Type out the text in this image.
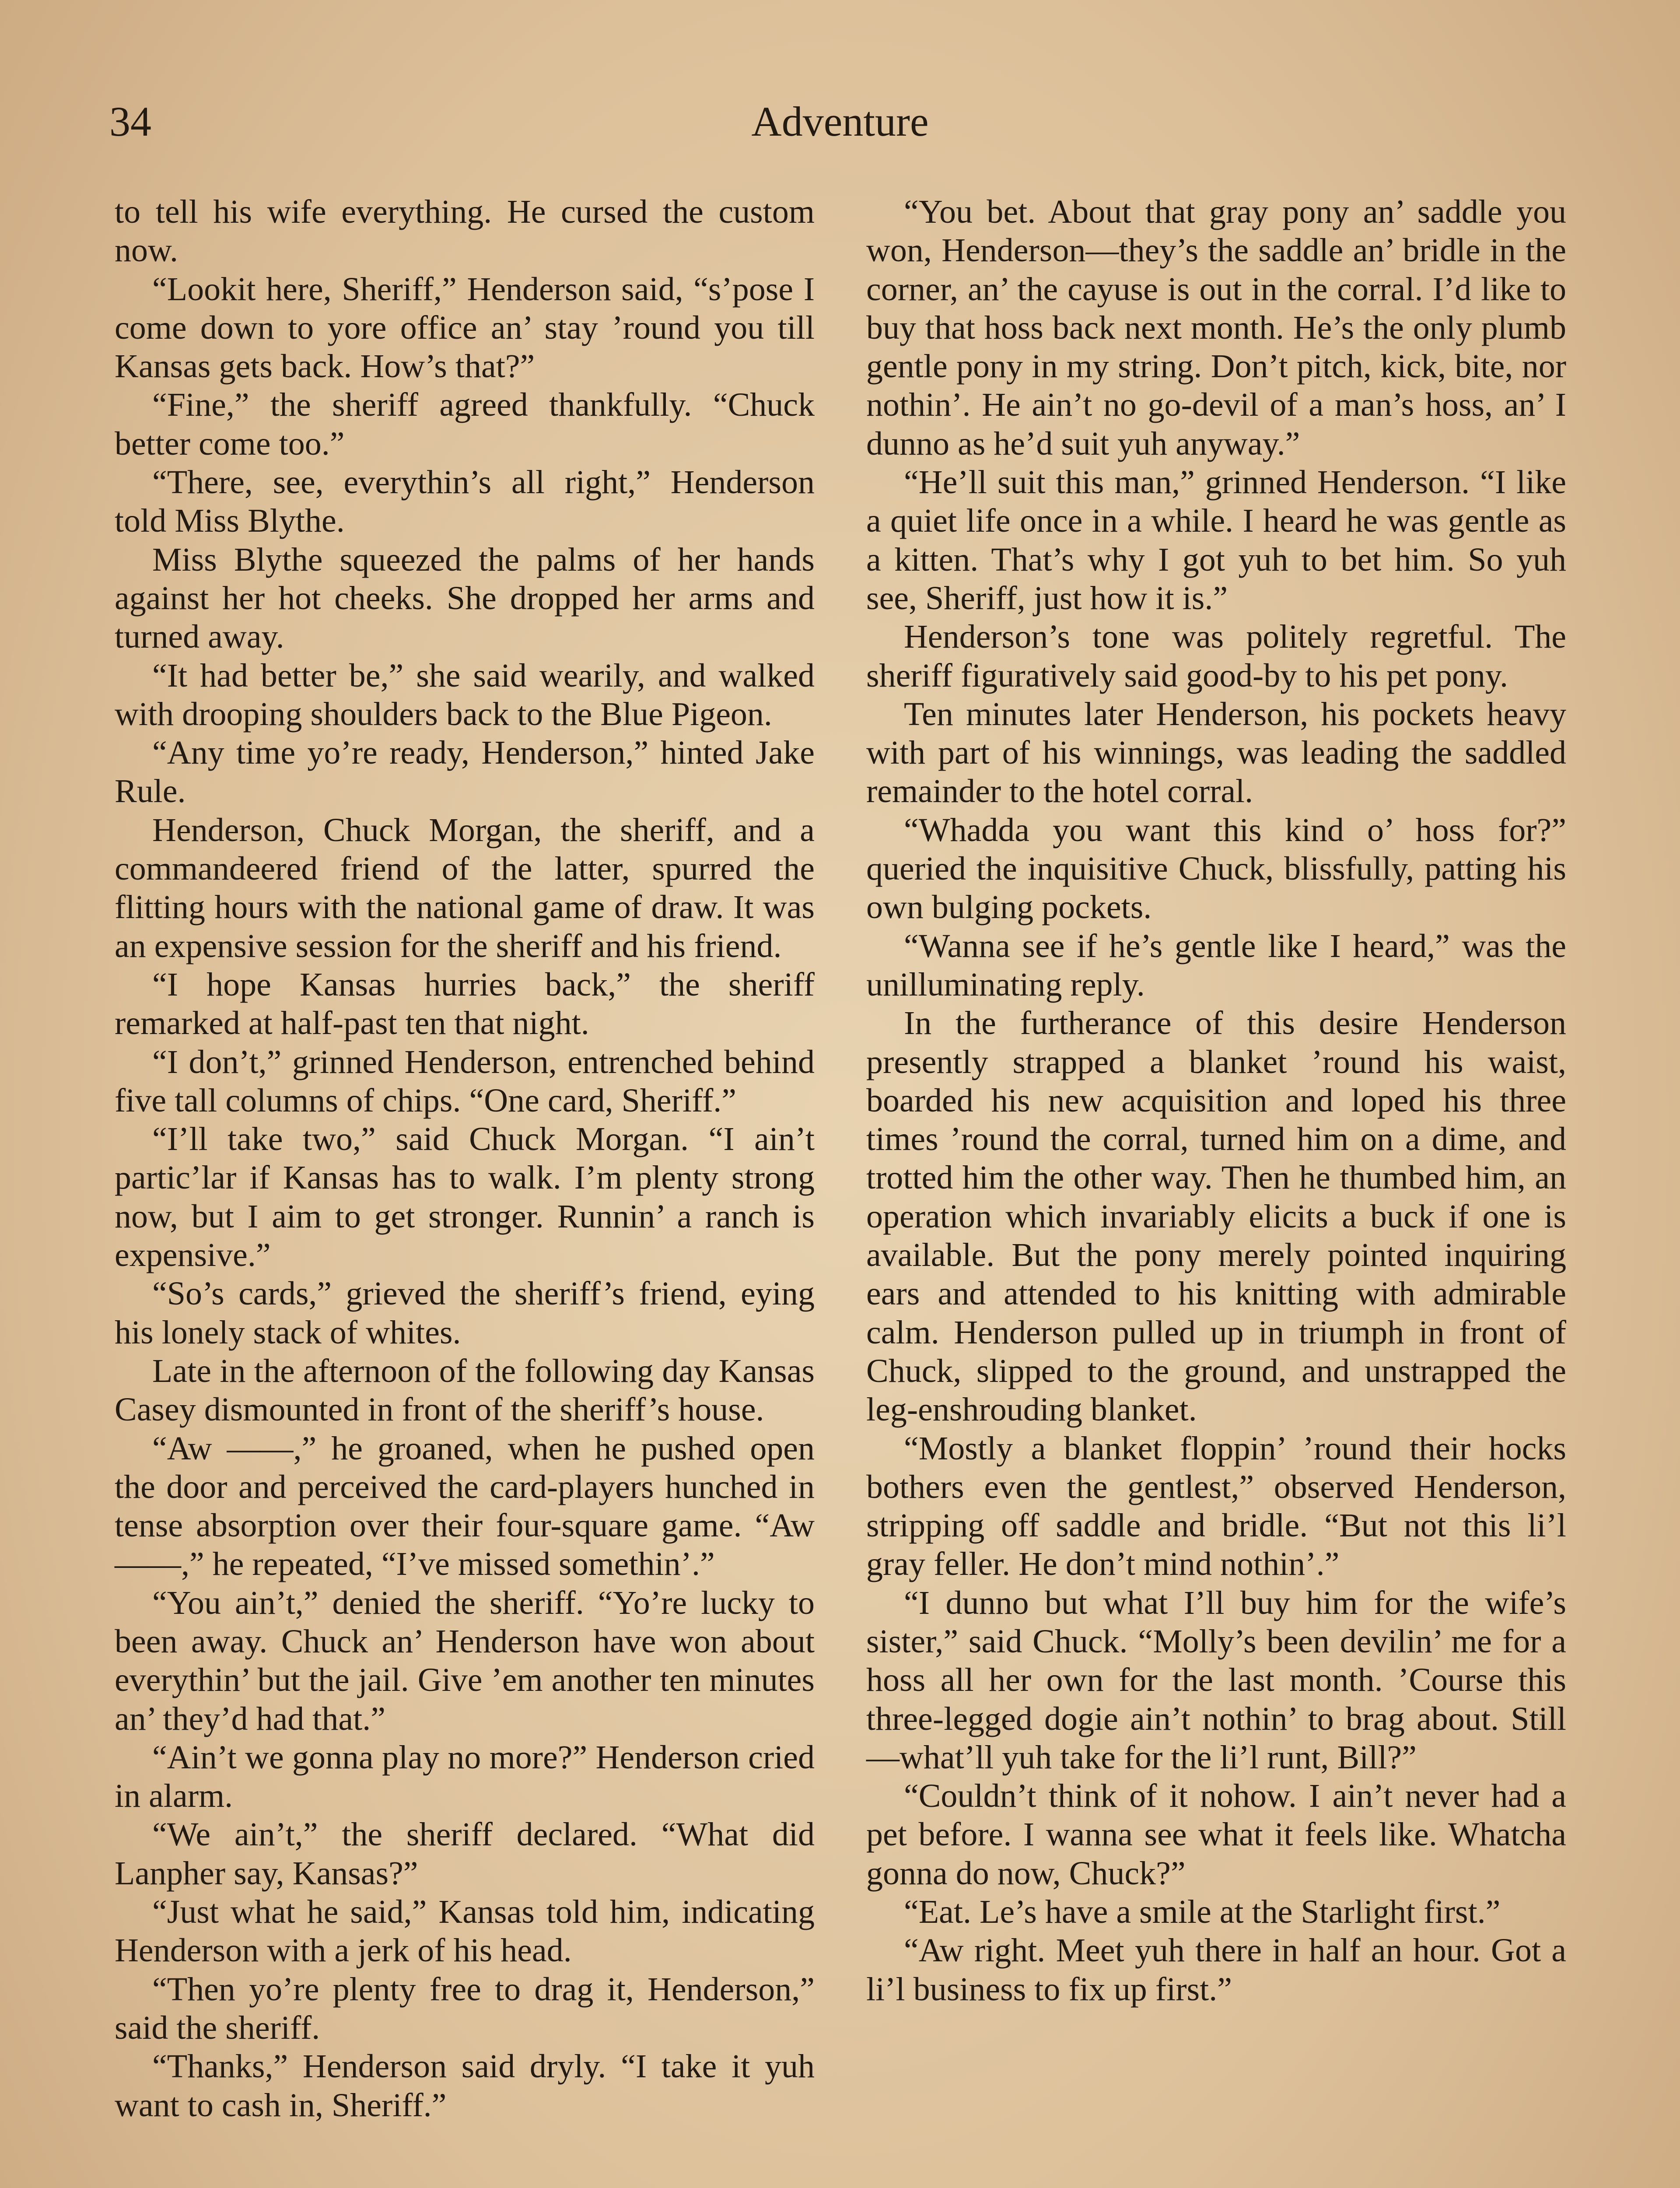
34	Adventure

to tell his wife everything. He cursed the custom now.

“Lookit here, Sheriff,” Henderson said, “s’pose I come down to yore office an’ stay ’round you till Kansas gets back. How’s that?”

“Fine,” the sheriff agreed thankfully. “Chuck better come too.”

“There, see, everythin’s all right,” Henderson told Miss Blythe.

Miss Blythe squeezed the palms of her hands against her hot cheeks. She dropped her arms and turned away.

“It had better be,” she said wearily, and walked with drooping shoulders back to the Blue Pigeon.

“Any time yo’re ready, Henderson,” hinted Jake Rule.

Henderson, Chuck Morgan, the sheriff, and a commandeered friend of the latter, spurred the flitting hours with the national game of draw. It was an expensive session for the sheriff and his friend.

“I hope Kansas hurries back,” the sheriff remarked at half-past ten that night.

“I don’t,” grinned Henderson, entrenched behind five tall columns of chips. “One card, Sheriff.”

“I’ll take two,” said Chuck Morgan. “I ain’t partic’lar if Kansas has to walk. I’m plenty strong now, but I aim to get stronger. Runnin’ a ranch is expensive.”

“So’s cards,” grieved the sheriff’s friend, eying his lonely stack of whites.

Late in the afternoon of the following day Kansas Casey dismounted in front of the sheriff’s house.

“Aw ——,” he groaned, when he pushed open the door and perceived the card-players hunched in tense absorption over their four-square game. “Aw ——,” he repeated, “I’ve missed somethin’.”

“You ain’t,” denied the sheriff. “Yo’re lucky to been away. Chuck an’ Henderson have won about everythin’ but the jail. Give ’em another ten minutes an’ they’d had that.”

“Ain’t we gonna play no more?” Henderson cried in alarm.

“We ain’t,” the sheriff declared. “What did Lanpher say, Kansas?”

“Just what he said,” Kansas told him, indicating Henderson with a jerk of his head.

“Then yo’re plenty free to drag it, Henderson,” said the sheriff.

“Thanks,” Henderson said dryly. “I take it yuh want to cash in, Sheriff.”

“You bet. About that gray pony an’ saddle you won, Henderson—they’s the saddle an’ bridle in the corner, an’ the cayuse is out in the corral. I’d like to buy that hoss back next month. He’s the only plumb gentle pony in my string. Don’t pitch, kick, bite, nor nothin’. He ain’t no go-devil of a man’s hoss, an’ I dunno as he’d suit yuh anyway.”

“He’ll suit this man,” grinned Henderson. “I like a quiet life once in a while. I heard he was gentle as a kitten. That’s why I got yuh to bet him. So yuh see, Sheriff, just how it is.”

Henderson’s tone was politely regretful. The sheriff figuratively said good-by to his pet pony.

Ten minutes later Henderson, his pockets heavy with part of his winnings, was leading the saddled remainder to the hotel corral.

“Whadda you want this kind o’ hoss for?” queried the inquisitive Chuck, blissfully, patting his own bulging pockets.

“Wanna see if he’s gentle like I heard,” was the unilluminating reply.

In the furtherance of this desire Henderson presently strapped a blanket ’round his waist, boarded his new acquisition and loped his three times ’round the corral, turned him on a dime, and trotted him the other way. Then he thumbed him, an operation which invariably elicits a buck if one is available. But the pony merely pointed inquiring ears and attended to his knitting with admirable calm. Henderson pulled up in triumph in front of Chuck, slipped to the ground, and unstrapped the leg-enshrouding blanket.

“Mostly a blanket floppin’ ’round their hocks bothers even the gentlest,” observed Henderson, stripping off saddle and bridle. “But not this li’l gray feller. He don’t mind nothin’.”

“I dunno but what I’ll buy him for the wife’s sister,” said Chuck. “Molly’s been devilin’ me for a hoss all her own for the last month. ’Course this three-legged dogie ain’t nothin’ to brag about. Still—what’ll yuh take for the li’l runt, Bill?”

“Couldn’t think of it nohow. I ain’t never had a pet before. I wanna see what it feels like. Whatcha gonna do now, Chuck?”

“Eat. Le’s have a smile at the Starlight first.”

“Aw right. Meet yuh there in half an hour. Got a li’l business to fix up first.”
